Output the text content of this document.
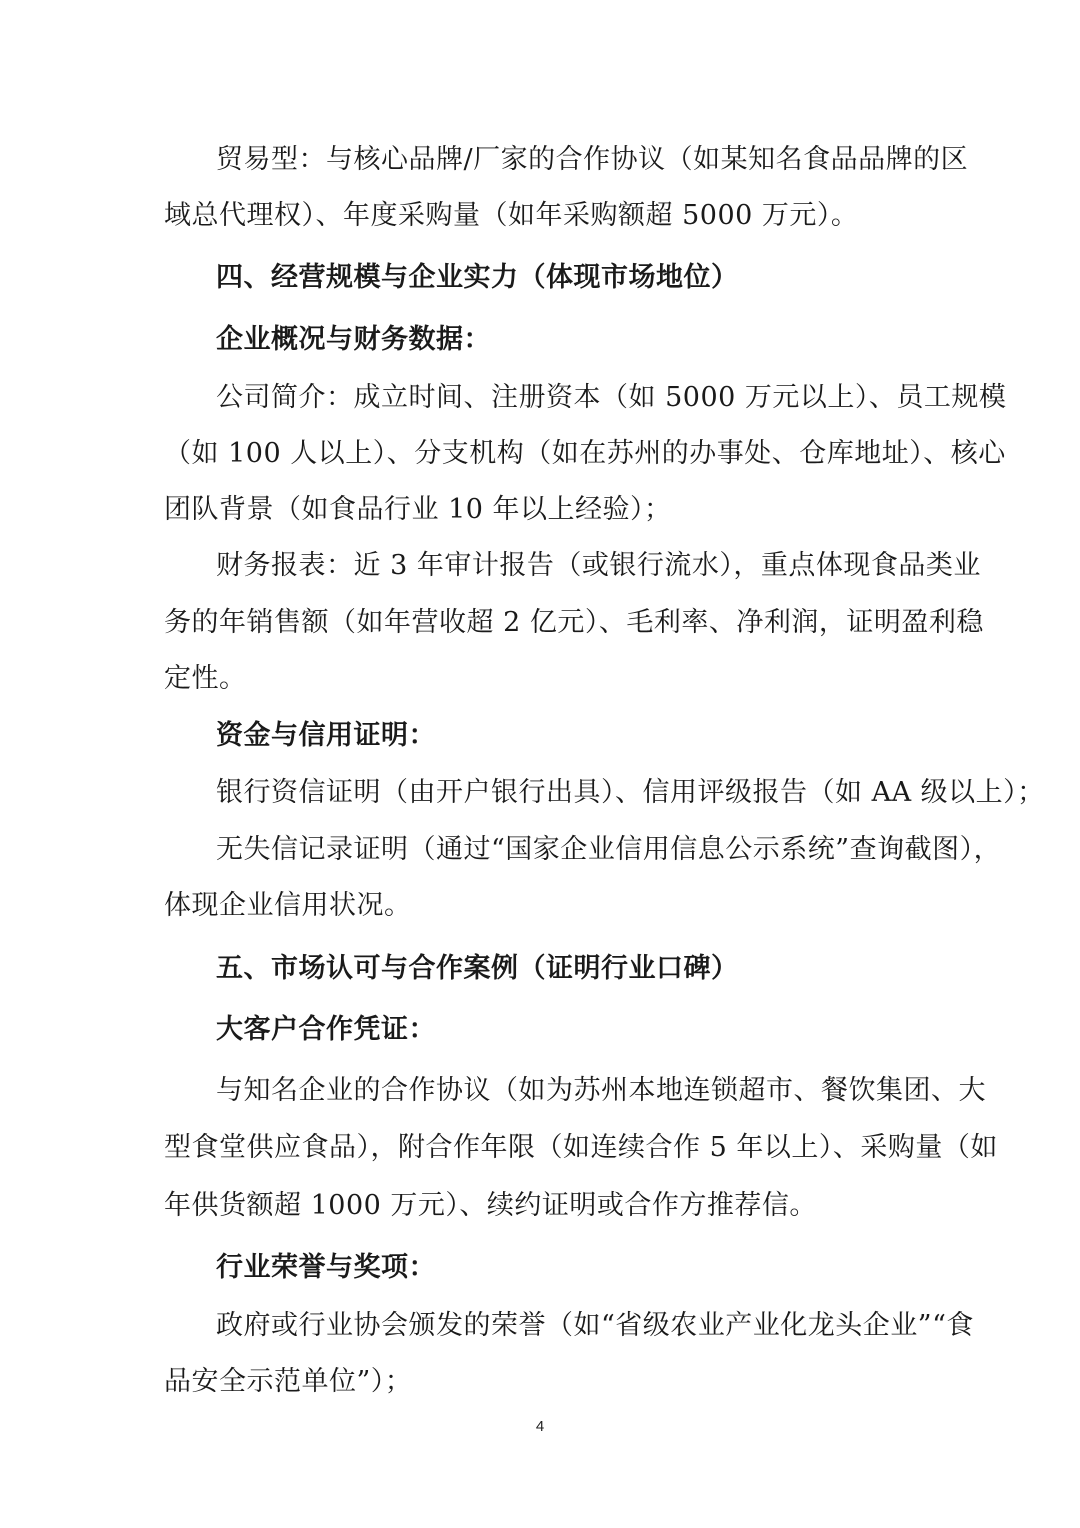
贸易型：与核心品牌/厂家的合作协议（如某知名食品品牌的区
域总代理权）、年度采购量（如年采购额超 5000 万元）。
四、经营规模与企业实力（体现市场地位）
企业概况与财务数据：
公司简介：成立时间、注册资本（如 5000 万元以上）、员工规模
（如 100 人以上）、分支机构（如在苏州的办事处、仓库地址）、核心
团队背景（如食品行业 10 年以上经验）；
财务报表：近 3 年审计报告（或银行流水），重点体现食品类业
务的年销售额（如年营收超 2 亿元）、毛利率、净利润，证明盈利稳
定性。
资金与信用证明：
银行资信证明（由开户银行出具）、信用评级报告（如 AA 级以上）；
无失信记录证明（通过“国家企业信用信息公示系统”查询截图），
体现企业信用状况。
五、市场认可与合作案例（证明行业口碑）
大客户合作凭证：
与知名企业的合作协议（如为苏州本地连锁超市、餐饮集团、大
型食堂供应食品），附合作年限（如连续合作 5 年以上）、采购量（如
年供货额超 1000 万元）、续约证明或合作方推荐信。
行业荣誉与奖项：
政府或行业协会颁发的荣誉（如“省级农业产业化龙头企业”“食
品安全示范单位”）；
4
